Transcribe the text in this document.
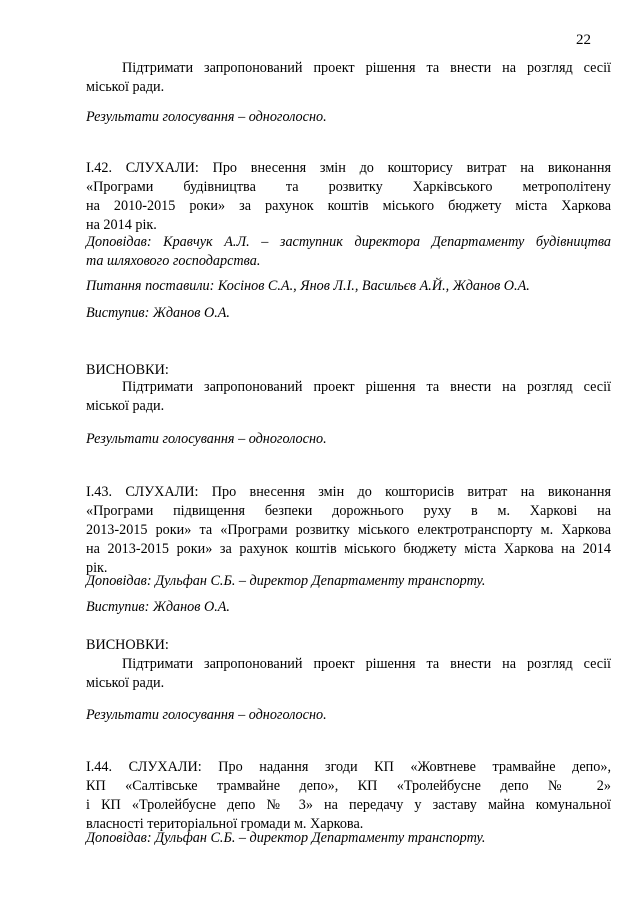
22
Підтримати запропонований проект рішення та внести на розгляд сесії
міської ради.
Результати голосування – одноголосно.
І.42. СЛУХАЛИ: Про внесення змін до кошторису витрат на виконання
«Програми будівництва та розвитку Харківського метрополітену
на 2010-2015 роки» за рахунок коштів міського бюджету міста Харкова
на 2014 рік.
Доповідав: Кравчук А.Л. – заступник директора Департаменту будівництва
та шляхового господарства.
Питання поставили: Косінов С.А., Янов Л.І., Васильєв А.Й., Жданов О.А.
Виступив: Жданов О.А.
ВИСНОВКИ:
Підтримати запропонований проект рішення та внести на розгляд сесії
міської ради.
Результати голосування – одноголосно.
І.43. СЛУХАЛИ: Про внесення змін до кошторисів витрат на виконання
«Програми підвищення безпеки дорожнього руху в м. Харкові на
2013-2015 роки» та «Програми розвитку міського електротранспорту м. Харкова
на 2013-2015 роки» за рахунок коштів міського бюджету міста Харкова на 2014
рік.
Доповідав: Дульфан С.Б. – директор Департаменту транспорту.
Виступив: Жданов О.А.
ВИСНОВКИ:
Підтримати запропонований проект рішення та внести на розгляд сесії
міської ради.
Результати голосування – одноголосно.
І.44. СЛУХАЛИ: Про надання згоди КП «Жовтневе трамвайне депо»,
КП «Салтівське трамвайне депо», КП «Тролейбусне депо № 2»
і КП «Тролейбусне депо № 3» на передачу у заставу майна комунальної
власності територіальної громади м. Харкова.
Доповідав: Дульфан С.Б. – директор Департаменту транспорту.
